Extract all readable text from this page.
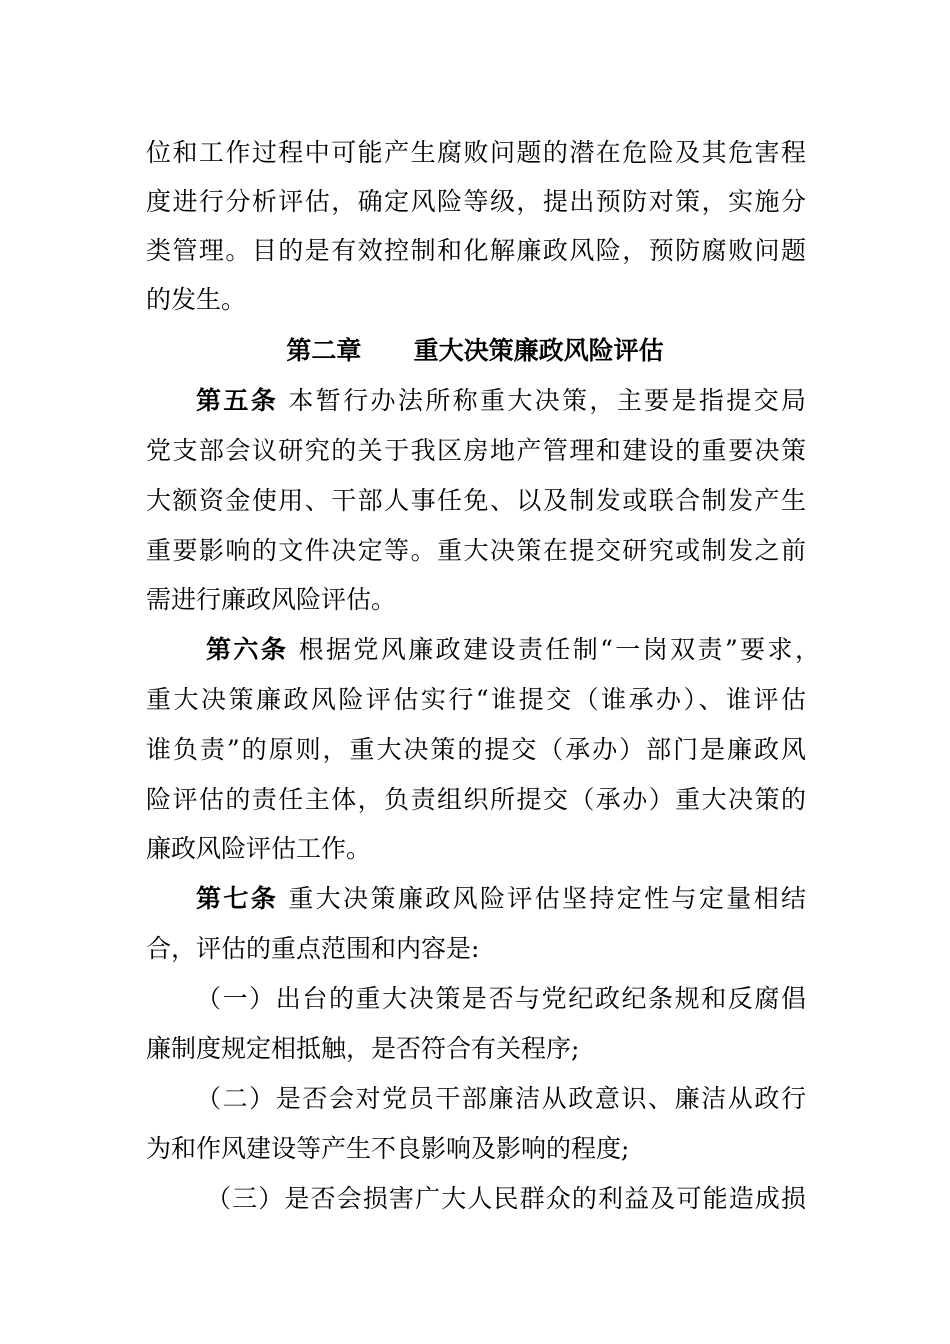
位和工作过程中可能产生腐败问题的潜在危险及其危害程
度进行分析评估，确定风险等级，提出预防对策，实施分
类管理。目的是有效控制和化解廉政风险，预防腐败问题
的发生。
第二章 重大决策廉政风险评估
第五条 本暂行办法所称重大决策，主要是指提交局
党支部会议研究的关于我区房地产管理和建设的重要决策
大额资金使用、干部人事任免、以及制发或联合制发产生
重要影响的文件决定等。重大决策在提交研究或制发之前
需进行廉政风险评估。
第六条 根据党风廉政建设责任制“一岗双责”要求，
重大决策廉政风险评估实行“谁提交（谁承办）、谁评估
谁负责”的原则，重大决策的提交（承办）部门是廉政风
险评估的责任主体，负责组织所提交（承办）重大决策的
廉政风险评估工作。
第七条 重大决策廉政风险评估坚持定性与定量相结
合，评估的重点范围和内容是:
（一）出台的重大决策是否与党纪政纪条规和反腐倡
廉制度规定相抵触，是否符合有关程序;
（二）是否会对党员干部廉洁从政意识、廉洁从政行
为和作风建设等产生不良影响及影响的程度;
（三）是否会损害广大人民群众的利益及可能造成损
